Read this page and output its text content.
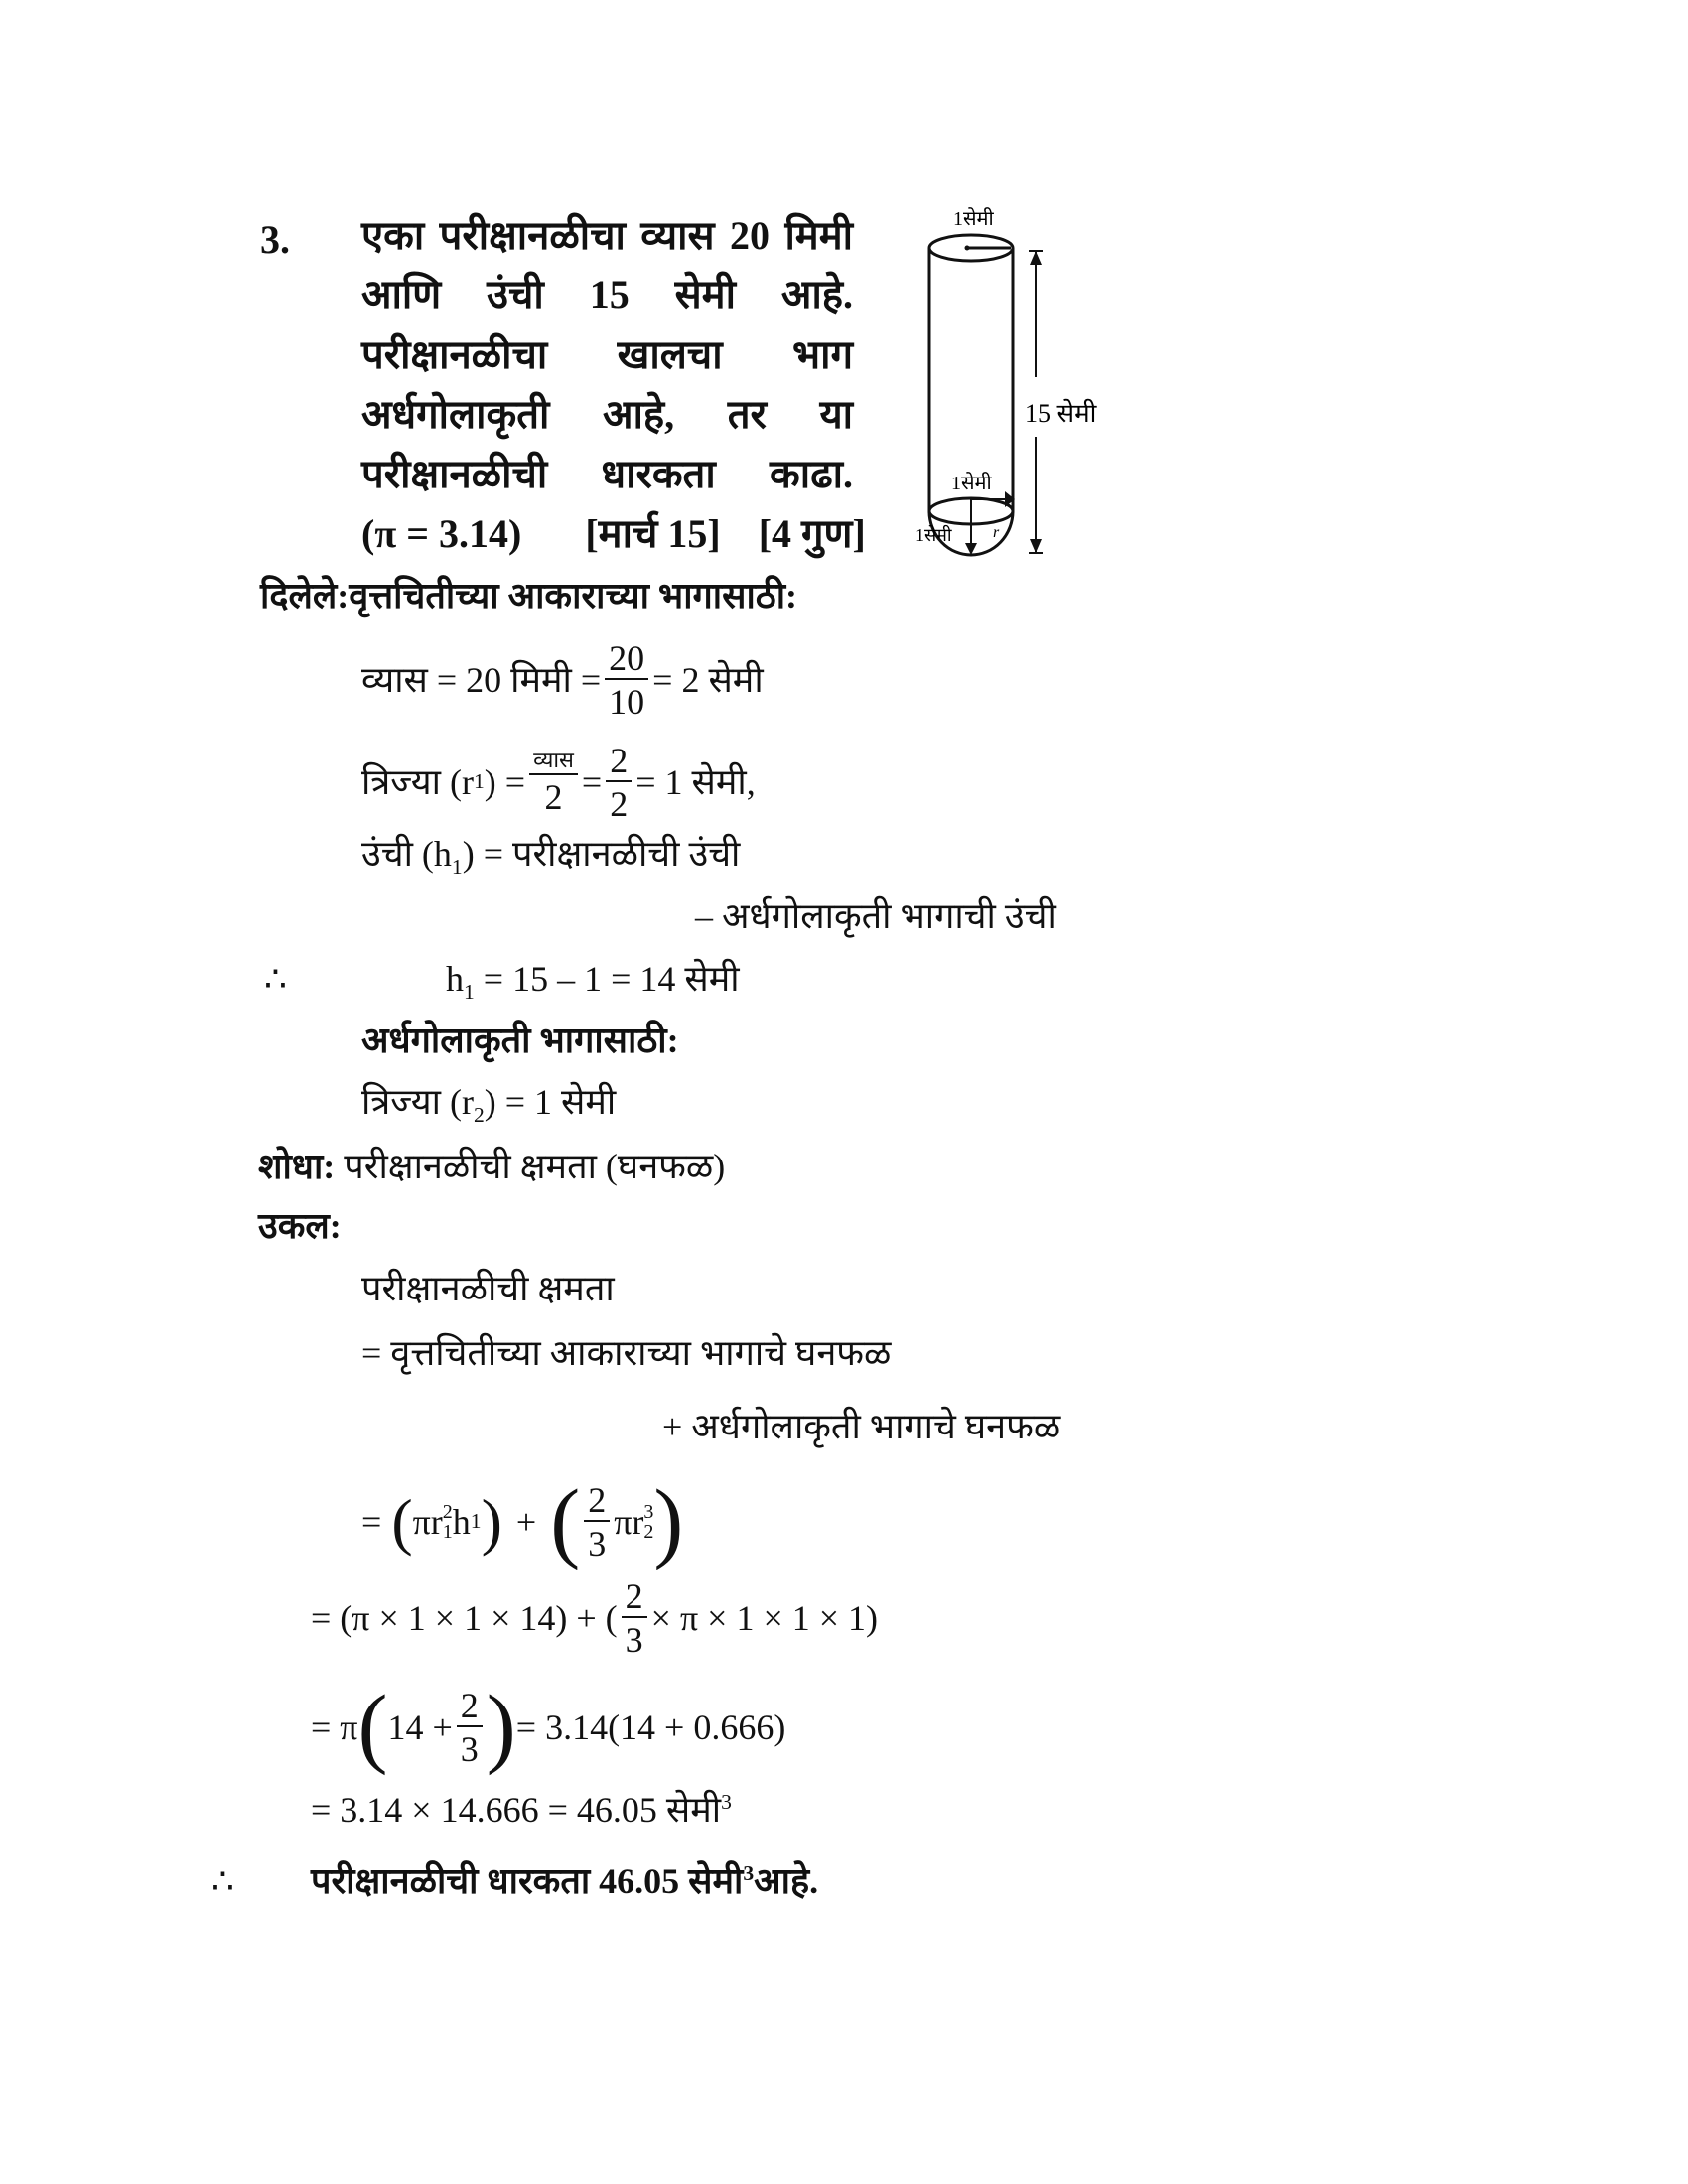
3. एका परीक्षानळीचा व्यास 20 मिमी
आणि उंची 15 सेमी आहे.
परीक्षानळीचा खालचा भाग
अर्धगोलाकृती आहे, तर या
परीक्षानळीची धारकता काढा.
(π = 3.14) [मार्च 15] [4 गुण]
1सेमी
15 सेमी
1सेमी
1सेमी	r
दिलेले:वृत्तचितीच्या आकाराच्या भागासाठी:
व्यास = 20 मिमी = $\frac{20}{10} = 2$ सेमी
त्रिज्या (r 1 ) = $\frac{\text{व्यास}}{2} = \frac{2}{2} = 1$ सेमी,
उंची $(h_1)$ = परीक्षानळीची उंची
– अर्धगोलाकृती भागाची उंची
∴	$h_1 = 15 - 1 = 14$ सेमी
अर्धगोलाकृती भागासाठी:
त्रिज्या $(r_2) = 1$ सेमी
शोधा: परीक्षानळीची क्षमता (घनफळ)
उकल:
परीक्षानळीची क्षमता
= वृत्तचितीच्या आकाराच्या भागाचे घनफळ
+ अर्धगोलाकृती भागाचे घनफळ
= ( πr 2
1 h 1 ) + ( $\frac{2}{3}$ πr 3
2 )
= (π × 1 × 1 × 14) + ( $\frac{2}{3} \times \pi \times 1 \times 1 \times 1$)
= π ( $14 + \frac{2}{3}$ ) = 3.14(14 + 0.666)
= 3.14 × 14.666 = 46.05 सेमी$^3$
∴ परीक्षानळीची धारकता 46.05 सेमी$^3$आहे.
